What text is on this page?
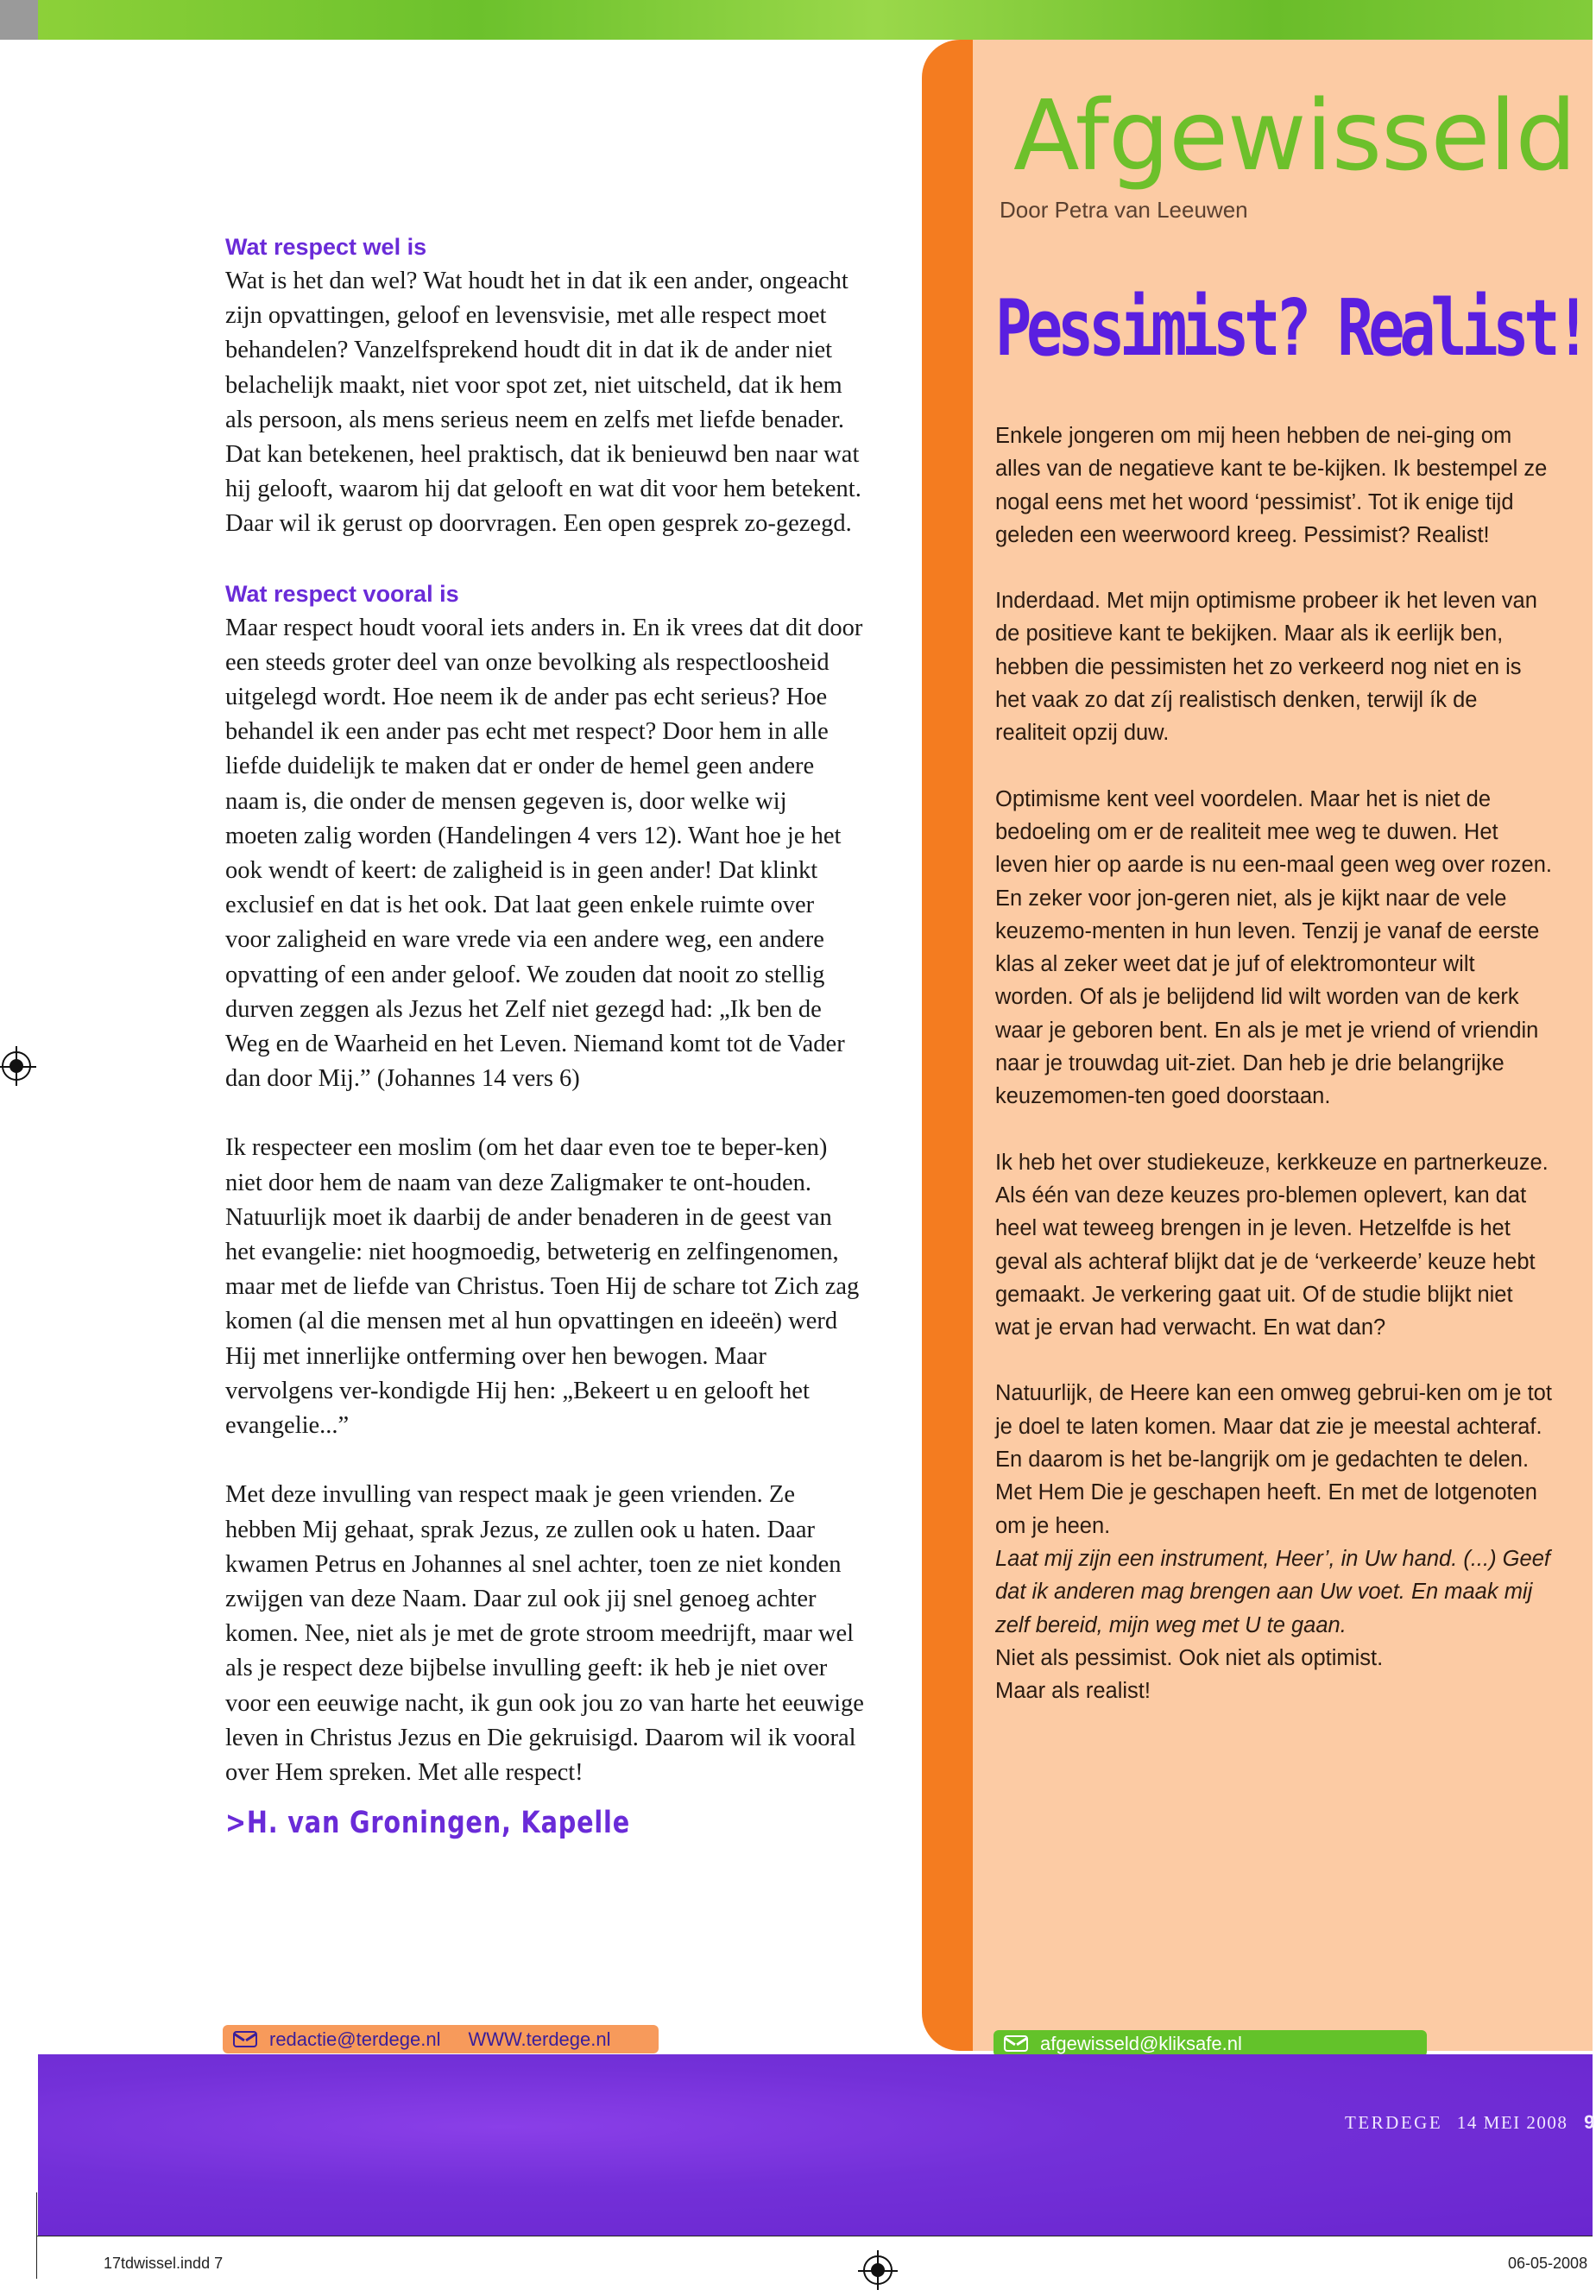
Wat respect wel is

Wat is het dan wel? Wat houdt het in dat ik een ander, ongeacht zijn opvattingen, geloof en levensvisie, met alle respect moet behandelen? Vanzelfsprekend houdt dit in dat ik de ander niet belachelijk maakt, niet voor spot zet, niet uitscheld, dat ik hem als persoon, als mens serieus neem en zelfs met liefde benader. Dat kan betekenen, heel praktisch, dat ik benieuwd ben naar wat hij gelooft, waarom hij dat gelooft en wat dit voor hem betekent. Daar wil ik gerust op doorvragen. Een open gesprek zo-gezegd.

Wat respect vooral is

Maar respect houdt vooral iets anders in. En ik vrees dat dit door een steeds groter deel van onze bevolking als respectloosheid uitgelegd wordt. Hoe neem ik de ander pas echt serieus? Hoe behandel ik een ander pas echt met respect? Door hem in alle liefde duidelijk te maken dat er onder de hemel geen andere naam is, die onder de mensen gegeven is, door welke wij moeten zalig worden (Handelingen 4 vers 12). Want hoe je het ook wendt of keert: de zaligheid is in geen ander! Dat klinkt exclusief en dat is het ook. Dat laat geen enkele ruimte over voor zaligheid en ware vrede via een andere weg, een andere opvatting of een ander geloof. We zouden dat nooit zo stellig durven zeggen als Jezus het Zelf niet gezegd had: „Ik ben de Weg en de Waarheid en het Leven. Niemand komt tot de Vader dan door Mij.” (Johannes 14 vers 6)

Ik respecteer een moslim (om het daar even toe te beper-ken) niet door hem de naam van deze Zaligmaker te ont-houden. Natuurlijk moet ik daarbij de ander benaderen in de geest van het evangelie: niet hoogmoedig, betweterig en zelfingenomen, maar met de liefde van Christus. Toen Hij de schare tot Zich zag komen (al die mensen met al hun opvattingen en ideeën) werd Hij met innerlijke ontferming over hen bewogen. Maar vervolgens ver-kondigde Hij hen: „Bekeert u en gelooft het evangelie...”

Met deze invulling van respect maak je geen vrienden. Ze hebben Mij gehaat, sprak Jezus, ze zullen ook u haten. Daar kwamen Petrus en Johannes al snel achter, toen ze niet konden zwijgen van deze Naam. Daar zul ook jij snel genoeg achter komen. Nee, niet als je met de grote stroom meedrijft, maar wel als je respect deze bijbelse invulling geeft: ik heb je niet over voor een eeuwige nacht, ik gun ook jou zo van harte het eeuwige leven in Christus Jezus en Die gekruisigd. Daarom wil ik vooral over Hem spreken. Met alle respect!

>H. van Groningen, Kapelle
redactie@terdege.nl WWW.terdege.nl
Afgewisseld
Door Petra van Leeuwen
Pessimist? Realist!

Enkele jongeren om mij heen hebben de nei-ging om alles van de negatieve kant te be-kijken. Ik bestempel ze nogal eens met het woord ‘pessimist’. Tot ik enige tijd geleden een weerwoord kreeg. Pessimist? Realist!

Inderdaad. Met mijn optimisme probeer ik het leven van de positieve kant te bekijken. Maar als ik eerlijk ben, hebben die pessimisten het zo verkeerd nog niet en is het vaak zo dat zíj realistisch denken, terwijl ík de realiteit opzij duw.

Optimisme kent veel voordelen. Maar het is niet de bedoeling om er de realiteit mee weg te duwen. Het leven hier op aarde is nu een-maal geen weg over rozen. En zeker voor jon-geren niet, als je kijkt naar de vele keuzemo-menten in hun leven. Tenzij je vanaf de eerste klas al zeker weet dat je juf of elektromonteur wilt worden. Of als je belijdend lid wilt worden van de kerk waar je geboren bent. En als je met je vriend of vriendin naar je trouwdag uit-ziet. Dan heb je drie belangrijke keuzemomen-ten goed doorstaan.

Ik heb het over studiekeuze, kerkkeuze en partnerkeuze. Als één van deze keuzes pro-blemen oplevert, kan dat heel wat teweeg brengen in je leven. Hetzelfde is het geval als achteraf blijkt dat je de ‘verkeerde’ keuze hebt gemaakt. Je verkering gaat uit. Of de studie blijkt niet wat je ervan had verwacht. En wat dan?

Natuurlijk, de Heere kan een omweg gebrui-ken om je tot je doel te laten komen. Maar dat zie je meestal achteraf. En daarom is het be-langrijk om je gedachten te delen. Met Hem Die je geschapen heeft. En met de lotgenoten om je heen.

Laat mij zijn een instrument, Heer’, in Uw hand. (...) Geef dat ik anderen mag brengen aan Uw voet. En maak mij zelf bereid, mijn weg met U te gaan.

Niet als pessimist. Ook niet als optimist.

Maar als realist!

afgewisseld@kliksafe.nl
TERDEGE 14 MEI 2008 9
17tdwissel.indd 7	06-05-2008
